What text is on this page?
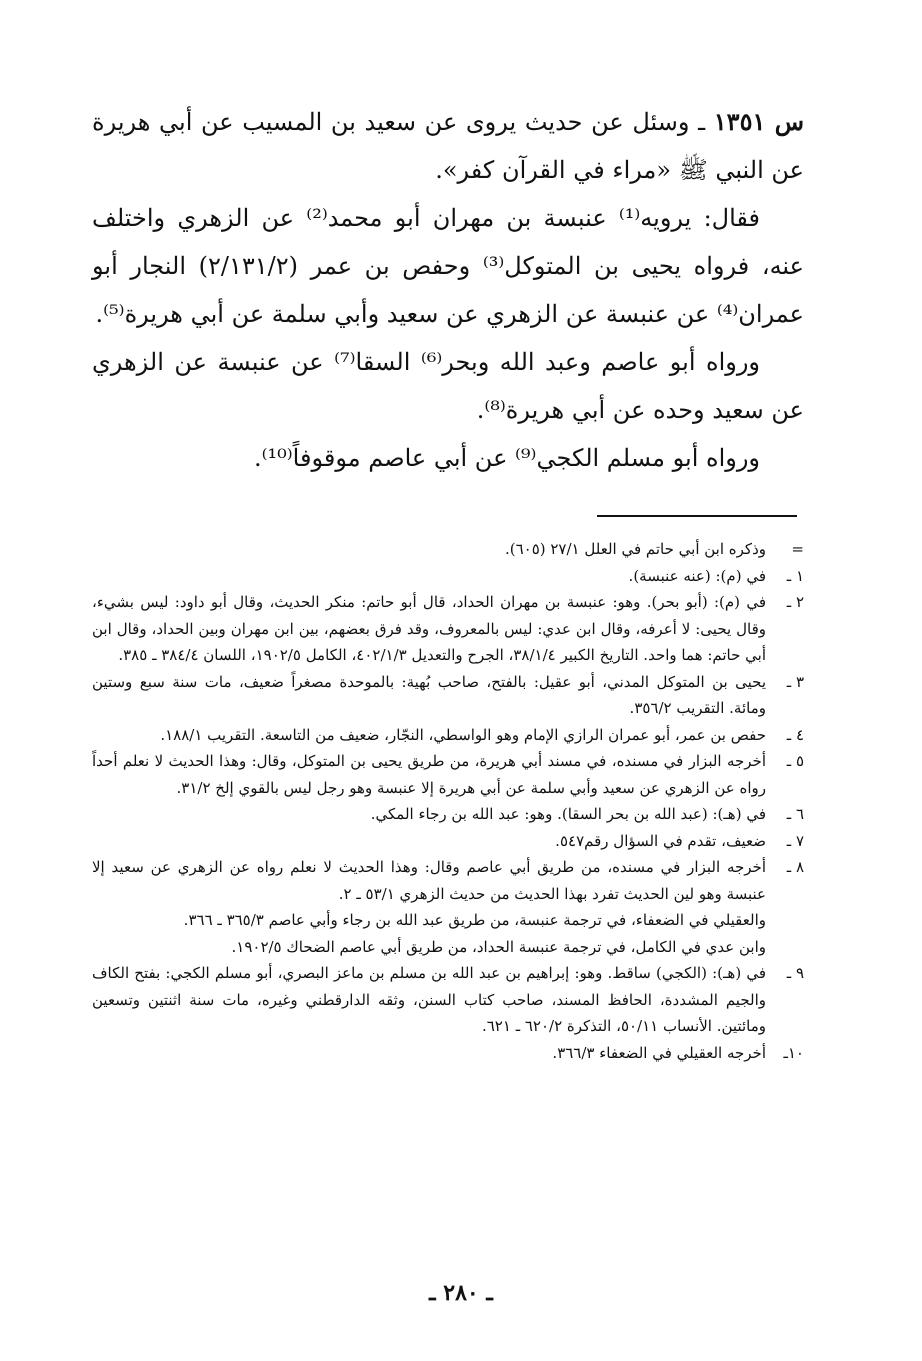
س ١٣٥١ ـ وسئل عن حديث يروى عن سعيد بن المسيب عن أبي هريرة عن النبي ﷺ «مراء في القرآن كفر».

فقال: يرويه⁽¹⁾ عنبسة بن مهران أبو محمد⁽²⁾ عن الزهري واختلف عنه، فرواه يحيى بن المتوكل⁽³⁾ وحفص بن عمر (٢/١٣١/٢) النجار أبو عمران⁽⁴⁾ عن عنبسة عن الزهري عن سعيد وأبي سلمة عن أبي هريرة⁽⁵⁾.

ورواه أبو عاصم وعبد الله وبحر⁽⁶⁾ السقا⁽⁷⁾ عن عنبسة عن الزهري عن سعيد وحده عن أبي هريرة⁽⁸⁾.

ورواه أبو مسلم الكجي⁽⁹⁾ عن أبي عاصم موقوفاً⁽¹⁰⁾.

=

وذكره ابن أبي حاتم في العلل ٢٧/١ (٦٠٥).

١ ـ

في (م): (عنه عنبسة).

٢ ـ

في (م): (أبو بحر). وهو: عنبسة بن مهران الحداد، قال أبو حاتم: منكر الحديث، وقال أبو داود: ليس بشيء، وقال يحيى: لا أعرفه، وقال ابن عدي: ليس بالمعروف، وقد فرق بعضهم، بين ابن مهران وبين الحداد، وقال ابن أبي حاتم: هما واحد. التاريخ الكبير ٣٨/١/٤، الجرح والتعديل ٤٠٢/١/٣، الكامل ١٩٠٢/٥، اللسان ٣٨٤/٤ ـ ٣٨٥.

٣ ـ

يحيى بن المتوكل المدني، أبو عقيل: بالفتح، صاحب بُهية: بالموحدة مصغراً ضعيف، مات سنة سبع وستين ومائة. التقريب ٣٥٦/٢.

٤ ـ

حفص بن عمر، أبو عمران الرازي الإمام وهو الواسطي، النجّار، ضعيف من التاسعة. التقريب ١٨٨/١.

٥ ـ

أخرجه البزار في مسنده، في مسند أبي هريرة، من طريق يحيى بن المتوكل، وقال: وهذا الحديث لا نعلم أحداً رواه عن الزهري عن سعيد وأبي سلمة عن أبي هريرة إلا عنبسة وهو رجل ليس بالقوي إلخ ٣١/٢.

٦ ـ

في (هـ): (عبد الله بن بحر السقا). وهو: عبد الله بن رجاء المكي.

٧ ـ

ضعيف، تقدم في السؤال رقم٥٤٧.

٨ ـ

أخرجه البزار في مسنده، من طريق أبي عاصم وقال: وهذا الحديث لا نعلم رواه عن الزهري عن سعيد إلا عنبسة وهو لين الحديث تفرد بهذا الحديث من حديث الزهري ٥٣/١ ـ ٢.

والعقيلي في الضعفاء، في ترجمة عنبسة، من طريق عبد الله بن رجاء وأبي عاصم ٣٦٥/٣ ـ ٣٦٦.

وابن عدي في الكامل، في ترجمة عنبسة الحداد، من طريق أبي عاصم الضحاك ١٩٠٢/٥.

٩ ـ

في (هـ): (الكجي) ساقط. وهو: إبراهيم بن عبد الله بن مسلم بن ماعز البصري، أبو مسلم الكجي: بفتح الكاف والجيم المشددة، الحافظ المسند، صاحب كتاب السنن، وثقه الدارقطني وغيره، مات سنة اثنتين وتسعين ومائتين. الأنساب ٥٠/١١، التذكرة ٦٢٠/٢ ـ ٦٢١.

١٠ـ

أخرجه العقيلي في الضعفاء ٣٦٦/٣.

ـ ٢٨٠ ـ
